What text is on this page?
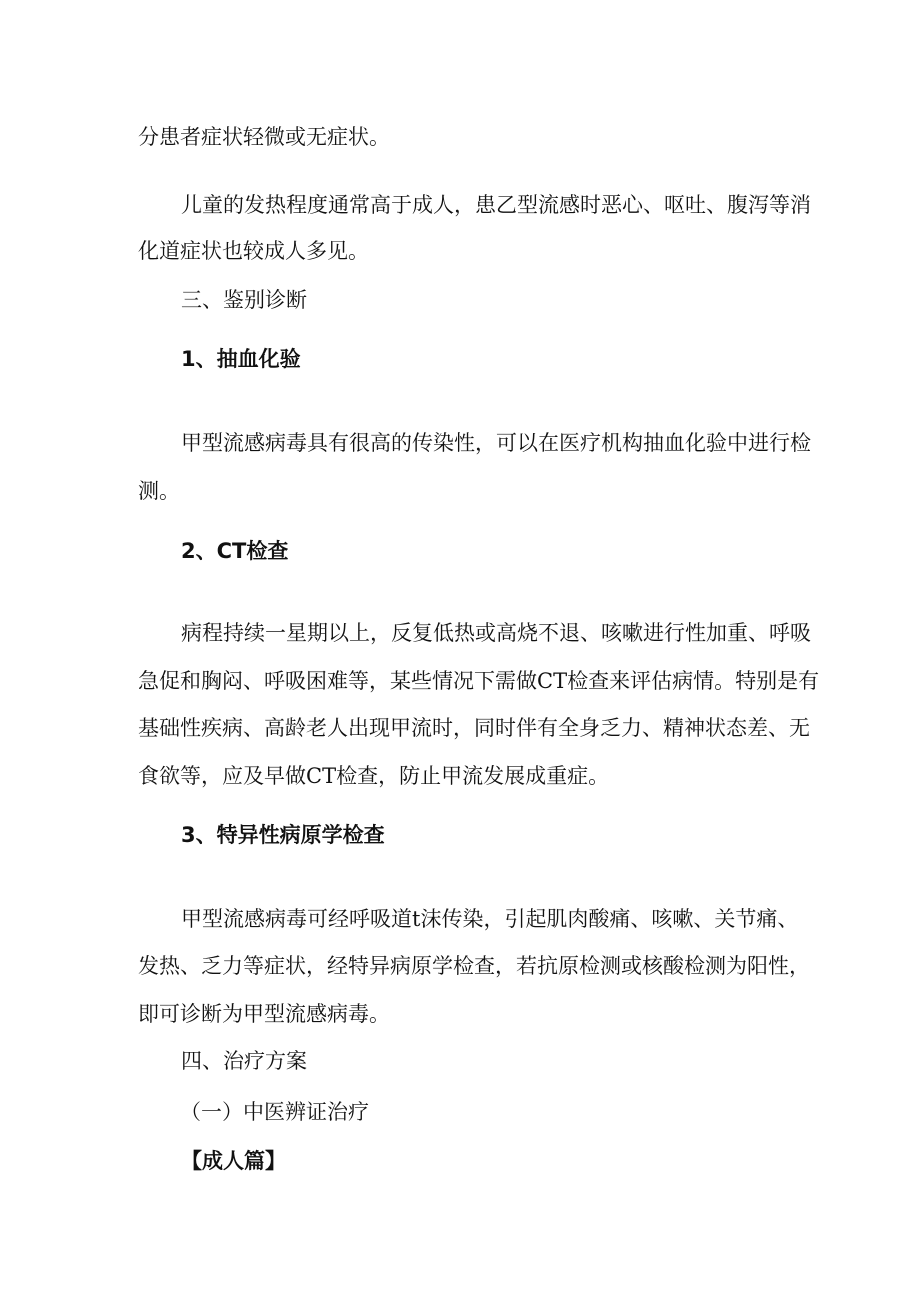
分患者症状轻微或无症状。
儿童的发热程度通常高于成人，患乙型流感时恶心、呕吐、腹泻等消
化道症状也较成人多见。
三、鉴别诊断
1、抽血化验
甲型流感病毒具有很高的传染性，可以在医疗机构抽血化验中进行检
测。
2、CT检查
病程持续一星期以上，反复低热或高烧不退、咳嗽进行性加重、呼吸
急促和胸闷、呼吸困难等，某些情况下需做CT检查来评估病情。特别是有
基础性疾病、高龄老人出现甲流时，同时伴有全身乏力、精神状态差、无
食欲等，应及早做CT检查，防止甲流发展成重症。
3、特异性病原学检查
甲型流感病毒可经呼吸道t沫传染，引起肌肉酸痛、咳嗽、关节痛、
发热、乏力等症状，经特异病原学检查，若抗原检测或核酸检测为阳性，
即可诊断为甲型流感病毒。
四、治疗方案
（一）中医辨证治疗
【成人篇】
